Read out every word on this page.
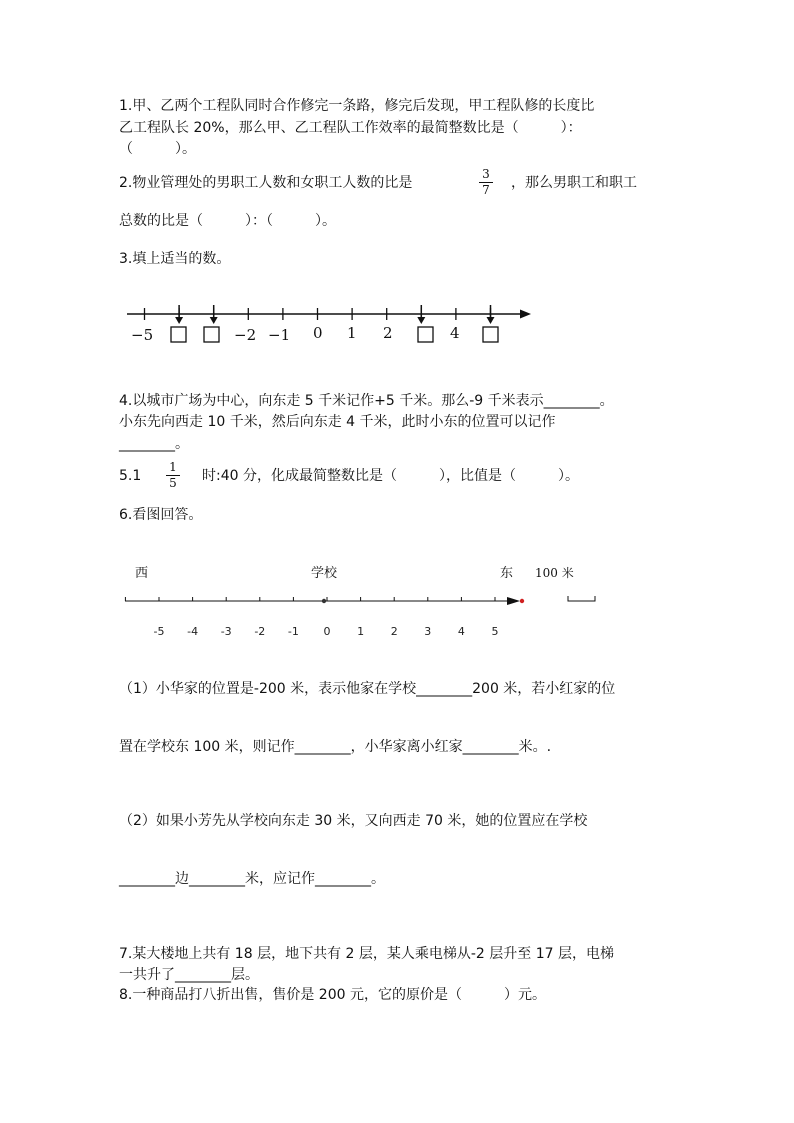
1.甲、乙两个工程队同时合作修完一条路，修完后发现，甲工程队修的长度比
乙工程队长 20%，那么甲、乙工程队工作效率的最简整数比是（　　　）：
（　　　）。
2.物业管理处的男职工人数和女职工人数的比是
3
7 ，那么男职工和职工
总数的比是（　　　）：（　　　）。
3.填上适当的数。
−5	−2 −1 0 1 2	4
4.以城市广场为中心，向东走 5 千米记作+5 千米。那么-9 千米表示________。
小东先向西走 10 千米，然后向东走 4 千米，此时小东的位置可以记作
________。
5.1
1
5 时:40 分，化成最简整数比是（　　　），比值是（　　　）。
6.看图回答。
西	学校	东 100 米
-5 -4 -3 -2 -1 0 1 2 3 4 5
（1）小华家的位置是-200 米，表示他家在学校________200 米，若小红家的位
置在学校东 100 米，则记作________，小华家离小红家________米。.
（2）如果小芳先从学校向东走 30 米，又向西走 70 米，她的位置应在学校
________边________米，应记作________。
7.某大楼地上共有 18 层，地下共有 2 层，某人乘电梯从-2 层升至 17 层，电梯
一共升了________层。
8.一种商品打八折出售，售价是 200 元，它的原价是（　　　）元。
